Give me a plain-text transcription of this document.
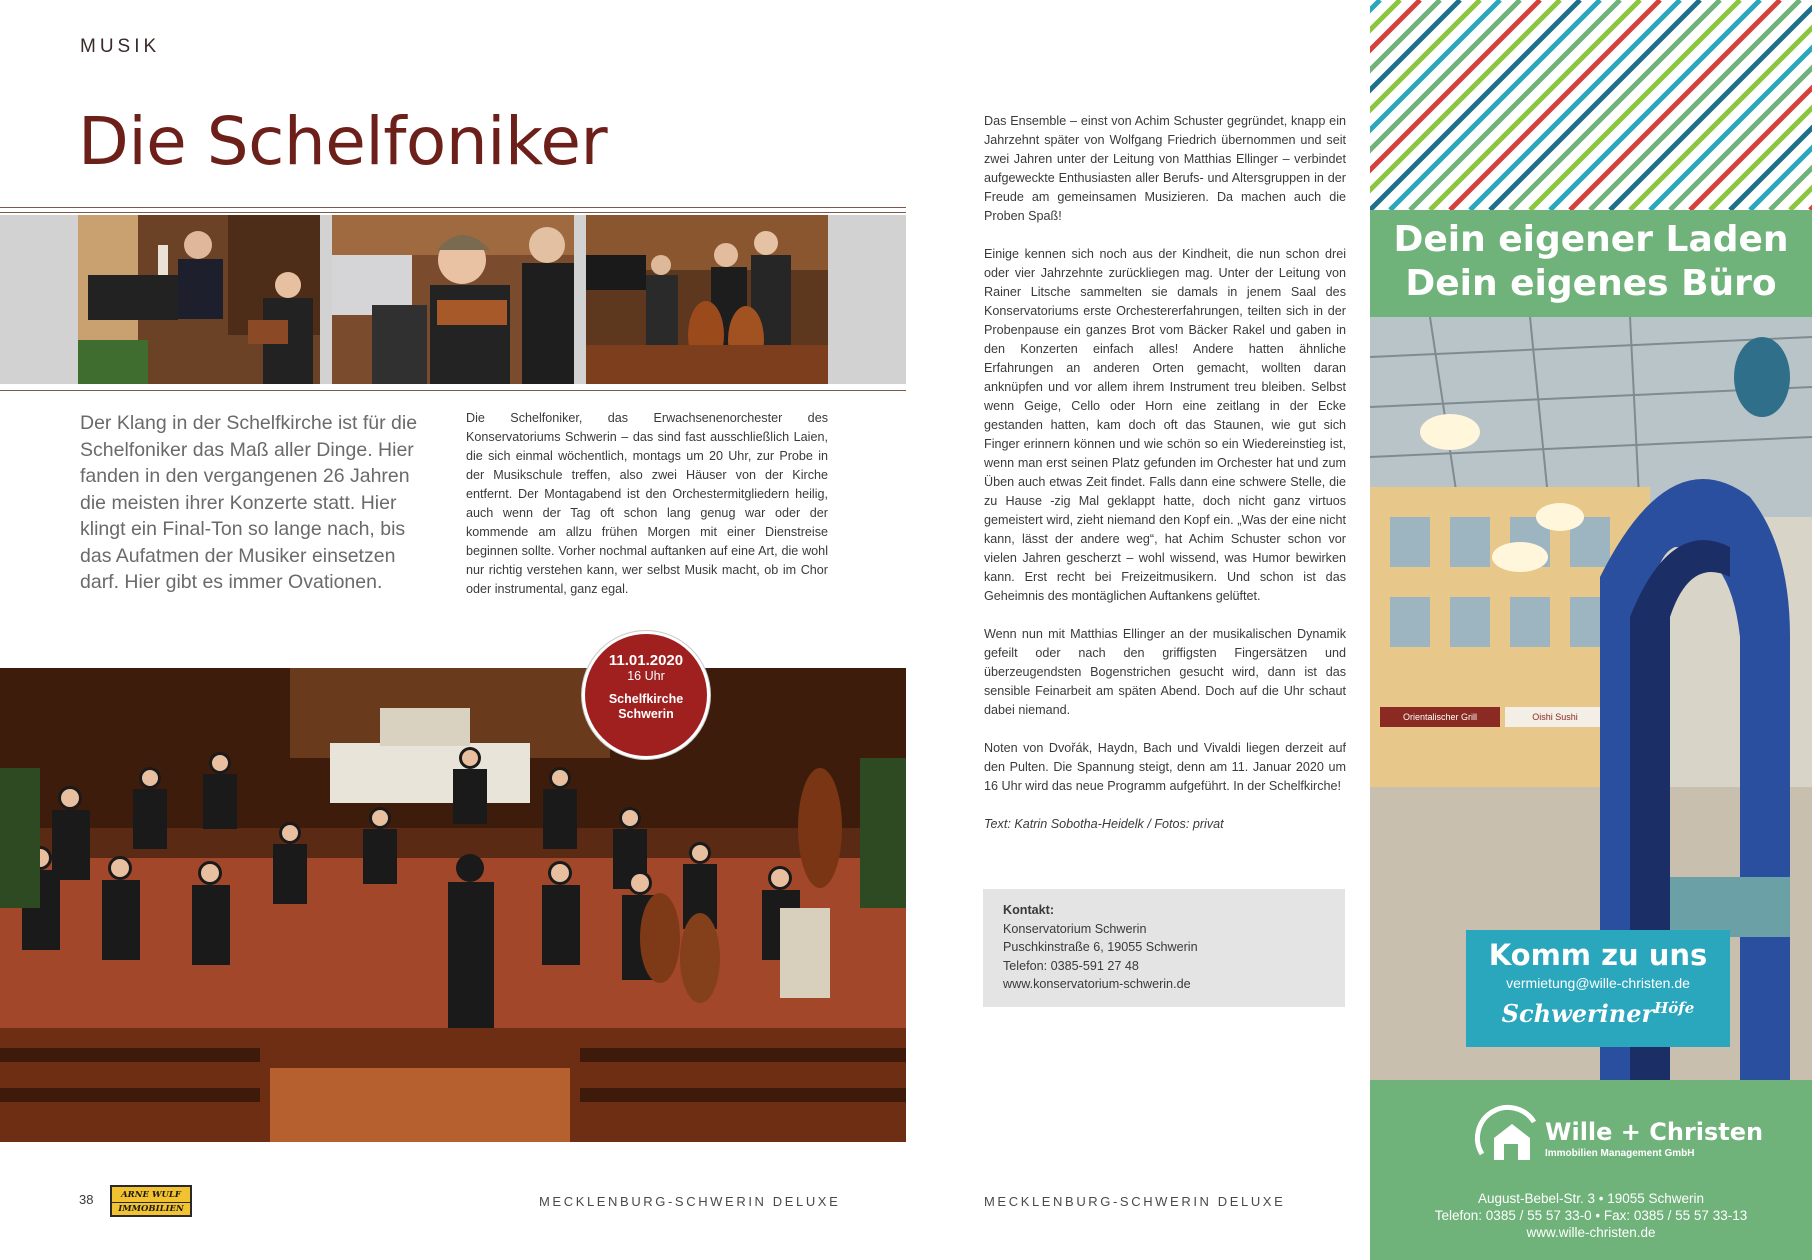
MUSIK
Die Schelfoniker

Der Klang in der Schelfkirche ist für die Schelfoniker das Maß aller Dinge. Hier fanden in den vergangenen 26 Jahren die meisten ihrer Konzerte statt. Hier klingt ein Final-Ton so lange nach, bis das Aufatmen der Musiker einsetzen darf. Hier gibt es immer Ovationen.

Die Schelfoniker, das Erwachsenenorchester des Konservatoriums Schwerin – das sind fast ausschließlich Laien, die sich einmal wöchentlich, montags um 20 Uhr, zur Probe in der Musikschule treffen, also zwei Häuser von der Kirche entfernt. Der Montagabend ist den Orchestermitgliedern heilig, auch wenn der Tag oft schon lang genug war oder der kommende am allzu frühen Morgen mit einer Dienstreise beginnen sollte. Vorher nochmal auftanken auf eine Art, die wohl nur richtig verstehen kann, wer selbst Musik macht, ob im Chor oder instrumental, ganz egal.

Das Ensemble – einst von Achim Schuster gegründet, knapp ein Jahrzehnt später von Wolfgang Friedrich übernommen und seit zwei Jahren unter der Leitung von Matthias Ellinger – verbindet aufgeweckte Enthusiasten aller Berufs- und Altersgruppen in der Freude am gemeinsamen Musizieren. Da machen auch die Proben Spaß!

Einige kennen sich noch aus der Kindheit, die nun schon drei oder vier Jahrzehnte zurückliegen mag. Unter der Leitung von Rainer Litsche sammelten sie damals in jenem Saal des Konservatoriums erste Orchestererfahrungen, teilten sich in der Probenpause ein ganzes Brot vom Bäcker Rakel und gaben in den Konzerten einfach alles! Andere hatten ähnliche Erfahrungen an anderen Orten gemacht, wollten daran anknüpfen und vor allem ihrem Instrument treu bleiben. Selbst wenn Geige, Cello oder Horn eine zeitlang in der Ecke gestanden hatten, kam doch oft das Staunen, wie gut sich Finger erinnern können und wie schön so ein Wiedereinstieg ist, wenn man erst seinen Platz gefunden im Orchester hat und zum Üben auch etwas Zeit findet. Falls dann eine schwere Stelle, die zu Hause -zig Mal geklappt hatte, doch nicht ganz virtuos gemeistert wird, zieht niemand den Kopf ein. „Was der eine nicht kann, lässt der andere weg“, hat Achim Schuster schon vor vielen Jahren gescherzt – wohl wissend, was Humor bewirken kann. Erst recht bei Freizeitmusikern. Und schon ist das Geheimnis des montäglichen Auftankens gelüftet.

Wenn nun mit Matthias Ellinger an der musikalischen Dynamik gefeilt oder nach den griffigsten Fingersätzen und überzeugendsten Bogenstrichen gesucht wird, dann ist das sensible Feinarbeit am späten Abend. Doch auf die Uhr schaut dabei niemand.

Noten von Dvořák, Haydn, Bach und Vivaldi liegen derzeit auf den Pulten. Die Spannung steigt, denn am 11. Januar 2020 um 16 Uhr wird das neue Programm aufgeführt. In der Schelfkirche!

Text: Katrin Sobotha-Heidelk / Fotos: privat

11.01.2020
16 Uhr
Schelfkirche
Schwerin
Kontakt:
Konservatorium Schwerin
Puschkinstraße 6, 19055 Schwerin
Telefon: 0385-591 27 48
www.konservatorium-schwerin.de
38	ARNE WULF
IMMOBILIEN	MECKLENBURG-SCHWERIN DELUXE	MECKLENBURG-SCHWERIN DELUXE
Dein eigener Laden
Dein eigenes Büro
Orientalischer Grill	Oishi Sushi
Komm zu uns
vermietung@wille-christen.de
Schweriner$^{Höfe}$
Wille + Christen
Immobilien Management GmbH
August-Bebel-Str. 3 • 19055 Schwerin
Telefon: 0385 / 55 57 33-0 • Fax: 0385 / 55 57 33-13
www.wille-christen.de
